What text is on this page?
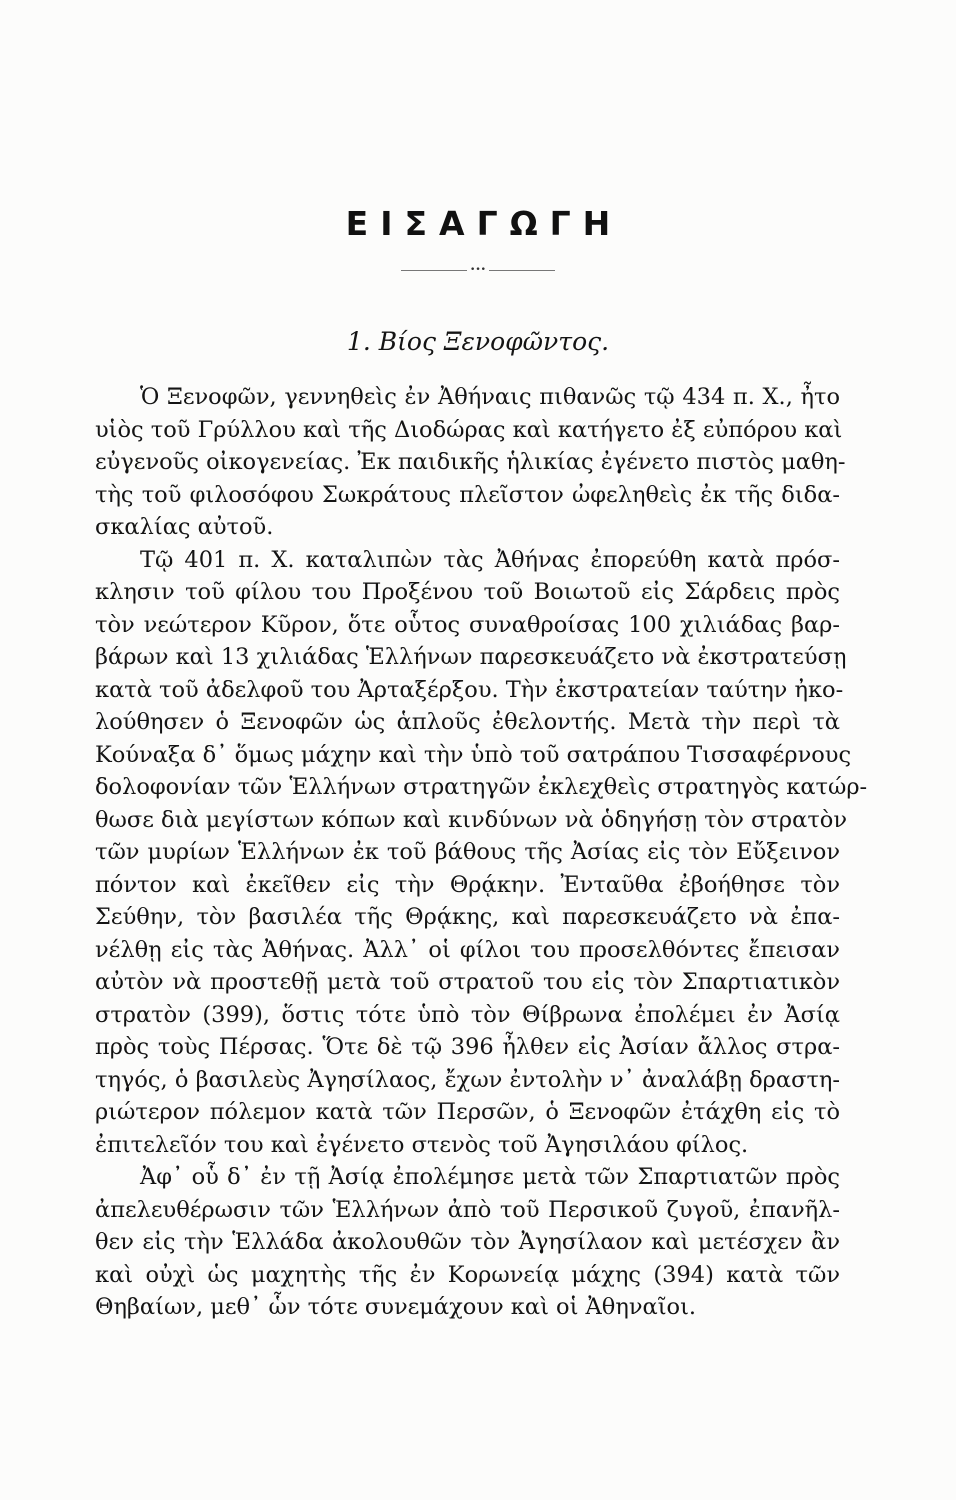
ΕΙΣΑΓΩΓΗ
•••
1. Βίος Ξενοφῶντος.
Ὁ Ξενοφῶν, γεννηθεὶς ἐν Ἀθήναις πιθανῶς τῷ 434 π. Χ., ἦτο
υἱὸς τοῦ Γρύλλου καὶ τῆς Διοδώρας καὶ κατήγετο ἐξ εὐπόρου καὶ
εὐγενοῦς οἰκογενείας. Ἐκ παιδικῆς ἡλικίας ἐγένετο πιστὸς μαθη-
τὴς τοῦ φιλοσόφου Σωκράτους πλεῖστον ὠφεληθεὶς ἐκ τῆς διδα-
σκαλίας αὐτοῦ.
Τῷ 401 π. Χ. καταλιπὼν τὰς Ἀθήνας ἐπορεύθη κατὰ πρόσ-
κλησιν τοῦ φίλου του Προξένου τοῦ Βοιωτοῦ εἰς Σάρδεις πρὸς
τὸν νεώτερον Κῦρον, ὅτε οὗτος συναθροίσας 100 χιλιάδας βαρ-
βάρων καὶ 13 χιλιάδας Ἑλλήνων παρεσκευάζετο νὰ ἐκστρατεύσῃ
κατὰ τοῦ ἀδελφοῦ του Ἀρταξέρξου. Τὴν ἐκστρατείαν ταύτην ἠκο-
λούθησεν ὁ Ξενοφῶν ὡς ἁπλοῦς ἐθελοντής. Μετὰ τὴν περὶ τὰ
Κούναξα δ᾽ ὅμως μάχην καὶ τὴν ὑπὸ τοῦ σατράπου Τισσαφέρνους
δολοφονίαν τῶν Ἑλλήνων στρατηγῶν ἐκλεχθεὶς στρατηγὸς κατώρ-
θωσε διὰ μεγίστων κόπων καὶ κινδύνων νὰ ὁδηγήσῃ τὸν στρατὸν
τῶν μυρίων Ἑλλήνων ἐκ τοῦ βάθους τῆς Ἀσίας εἰς τὸν Εὔξεινον
πόντον καὶ ἐκεῖθεν εἰς τὴν Θρᾴκην. Ἐνταῦθα ἐβοήθησε τὸν
Σεύθην, τὸν βασιλέα τῆς Θρᾴκης, καὶ παρεσκευάζετο νὰ ἐπα-
νέλθῃ εἰς τὰς Ἀθήνας. Ἀλλ᾽ οἱ φίλοι του προσελθόντες ἔπεισαν
αὐτὸν νὰ προστεθῇ μετὰ τοῦ στρατοῦ του εἰς τὸν Σπαρτιατικὸν
στρατὸν (399), ὅστις τότε ὑπὸ τὸν Θίβρωνα ἐπολέμει ἐν Ἀσίᾳ
πρὸς τοὺς Πέρσας. Ὅτε δὲ τῷ 396 ἦλθεν εἰς Ἀσίαν ἄλλος στρα-
τηγός, ὁ βασιλεὺς Ἀγησίλαος, ἔχων ἐντολὴν ν᾽ ἀναλάβῃ δραστη-
ριώτερον πόλεμον κατὰ τῶν Περσῶν, ὁ Ξενοφῶν ἐτάχθη εἰς τὸ
ἐπιτελεῖόν του καὶ ἐγένετο στενὸς τοῦ Ἀγησιλάου φίλος.
Ἀφ᾽ οὗ δ᾽ ἐν τῇ Ἀσίᾳ ἐπολέμησε μετὰ τῶν Σπαρτιατῶν πρὸς
ἀπελευθέρωσιν τῶν Ἑλλήνων ἀπὸ τοῦ Περσικοῦ ζυγοῦ, ἐπανῆλ-
θεν εἰς τὴν Ἑλλάδα ἀκολουθῶν τὸν Ἀγησίλαον καὶ μετέσχεν ἂν
καὶ οὐχὶ ὡς μαχητὴς τῆς ἐν Κορωνείᾳ μάχης (394) κατὰ τῶν
Θηβαίων, μεθ᾽ ὧν τότε συνεμάχουν καὶ οἱ Ἀθηναῖοι.
